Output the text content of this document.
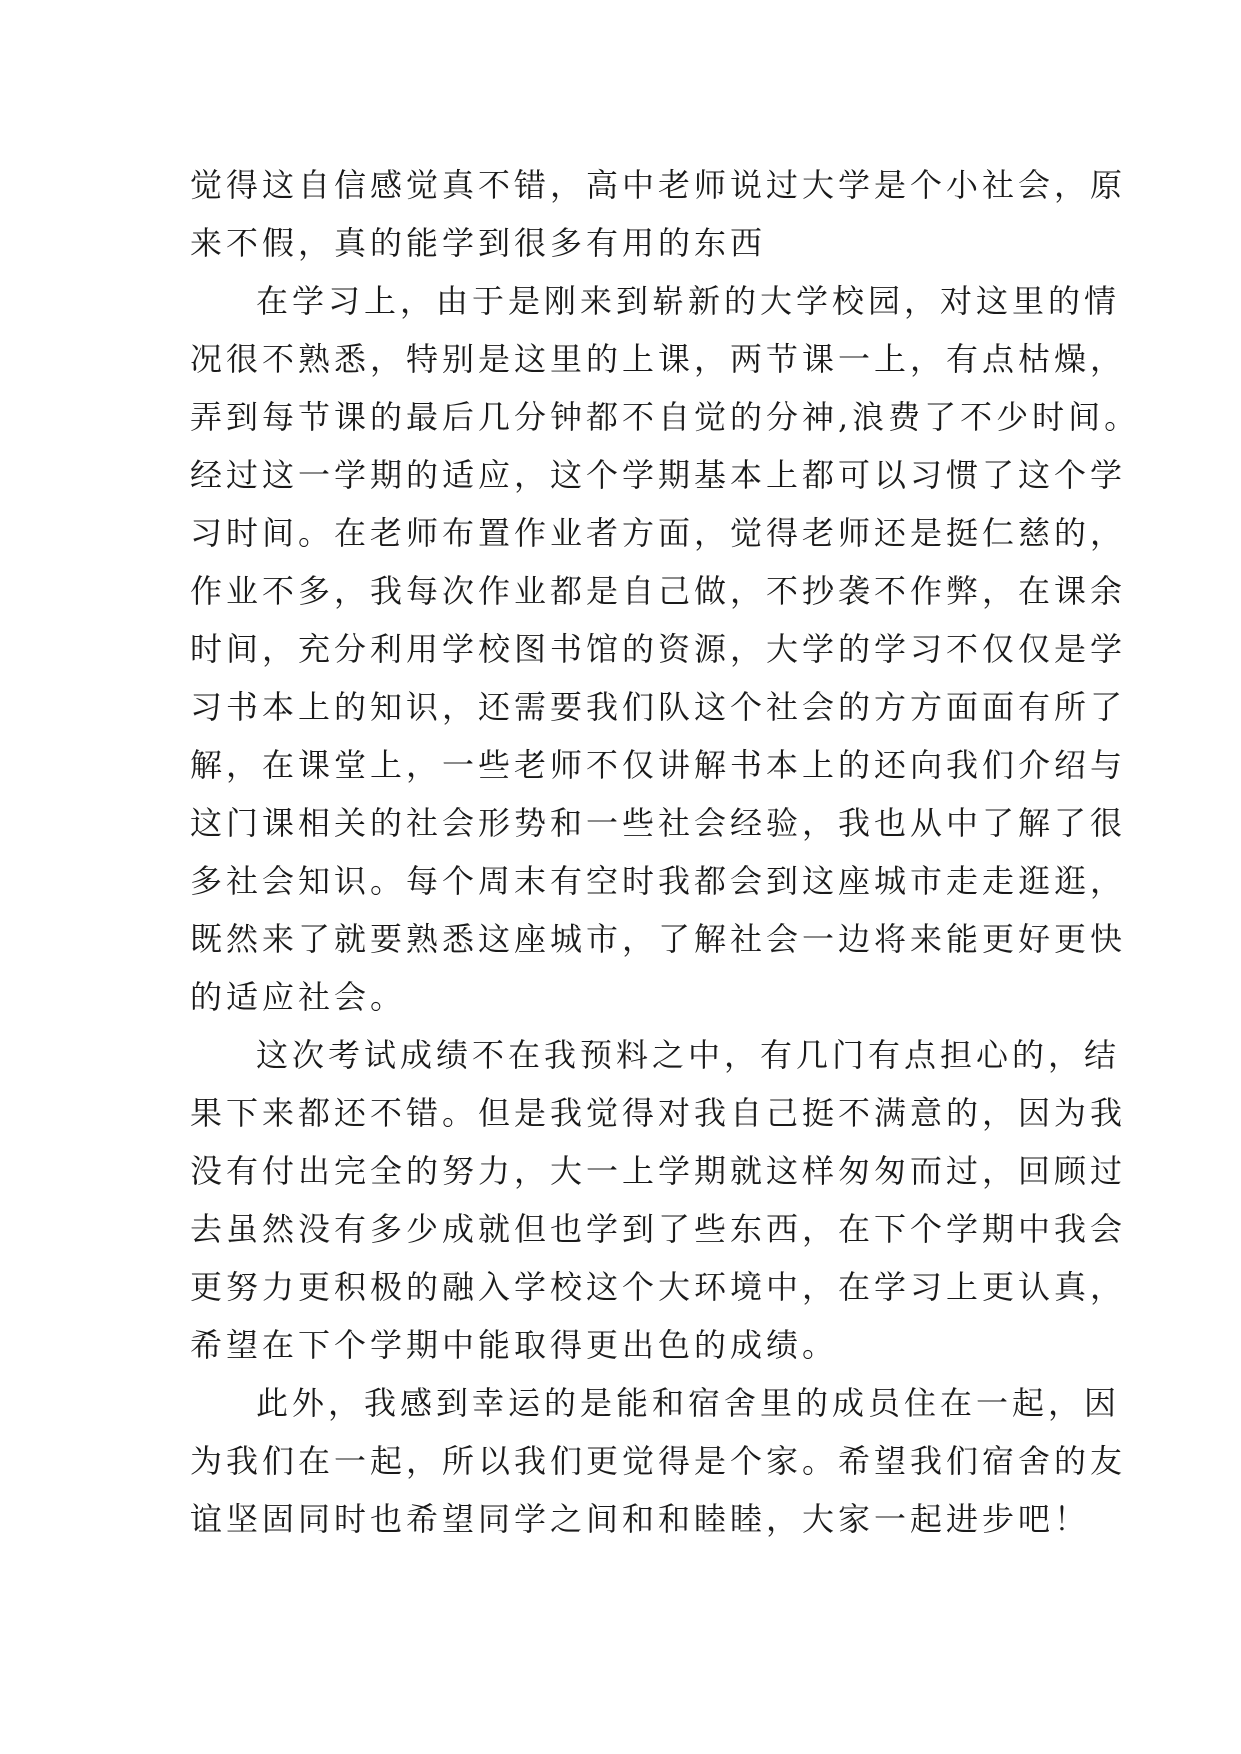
觉得这自信感觉真不错，高中老师说过大学是个小社会，原
来不假，真的能学到很多有用的东西
在学习上，由于是刚来到崭新的大学校园，对这里的情
况很不熟悉，特别是这里的上课，两节课一上，有点枯燥，
弄到每节课的最后几分钟都不自觉的分神,浪费了不少时间。
经过这一学期的适应，这个学期基本上都可以习惯了这个学
习时间。在老师布置作业者方面，觉得老师还是挺仁慈的，
作业不多，我每次作业都是自己做，不抄袭不作弊，在课余
时间，充分利用学校图书馆的资源，大学的学习不仅仅是学
习书本上的知识，还需要我们队这个社会的方方面面有所了
解，在课堂上，一些老师不仅讲解书本上的还向我们介绍与
这门课相关的社会形势和一些社会经验，我也从中了解了很
多社会知识。每个周末有空时我都会到这座城市走走逛逛，
既然来了就要熟悉这座城市，了解社会一边将来能更好更快
的适应社会。
这次考试成绩不在我预料之中，有几门有点担心的，结
果下来都还不错。但是我觉得对我自己挺不满意的，因为我
没有付出完全的努力，大一上学期就这样匆匆而过，回顾过
去虽然没有多少成就但也学到了些东西，在下个学期中我会
更努力更积极的融入学校这个大环境中，在学习上更认真，
希望在下个学期中能取得更出色的成绩。
此外，我感到幸运的是能和宿舍里的成员住在一起，因
为我们在一起，所以我们更觉得是个家。希望我们宿舍的友
谊坚固同时也希望同学之间和和睦睦，大家一起进步吧！
